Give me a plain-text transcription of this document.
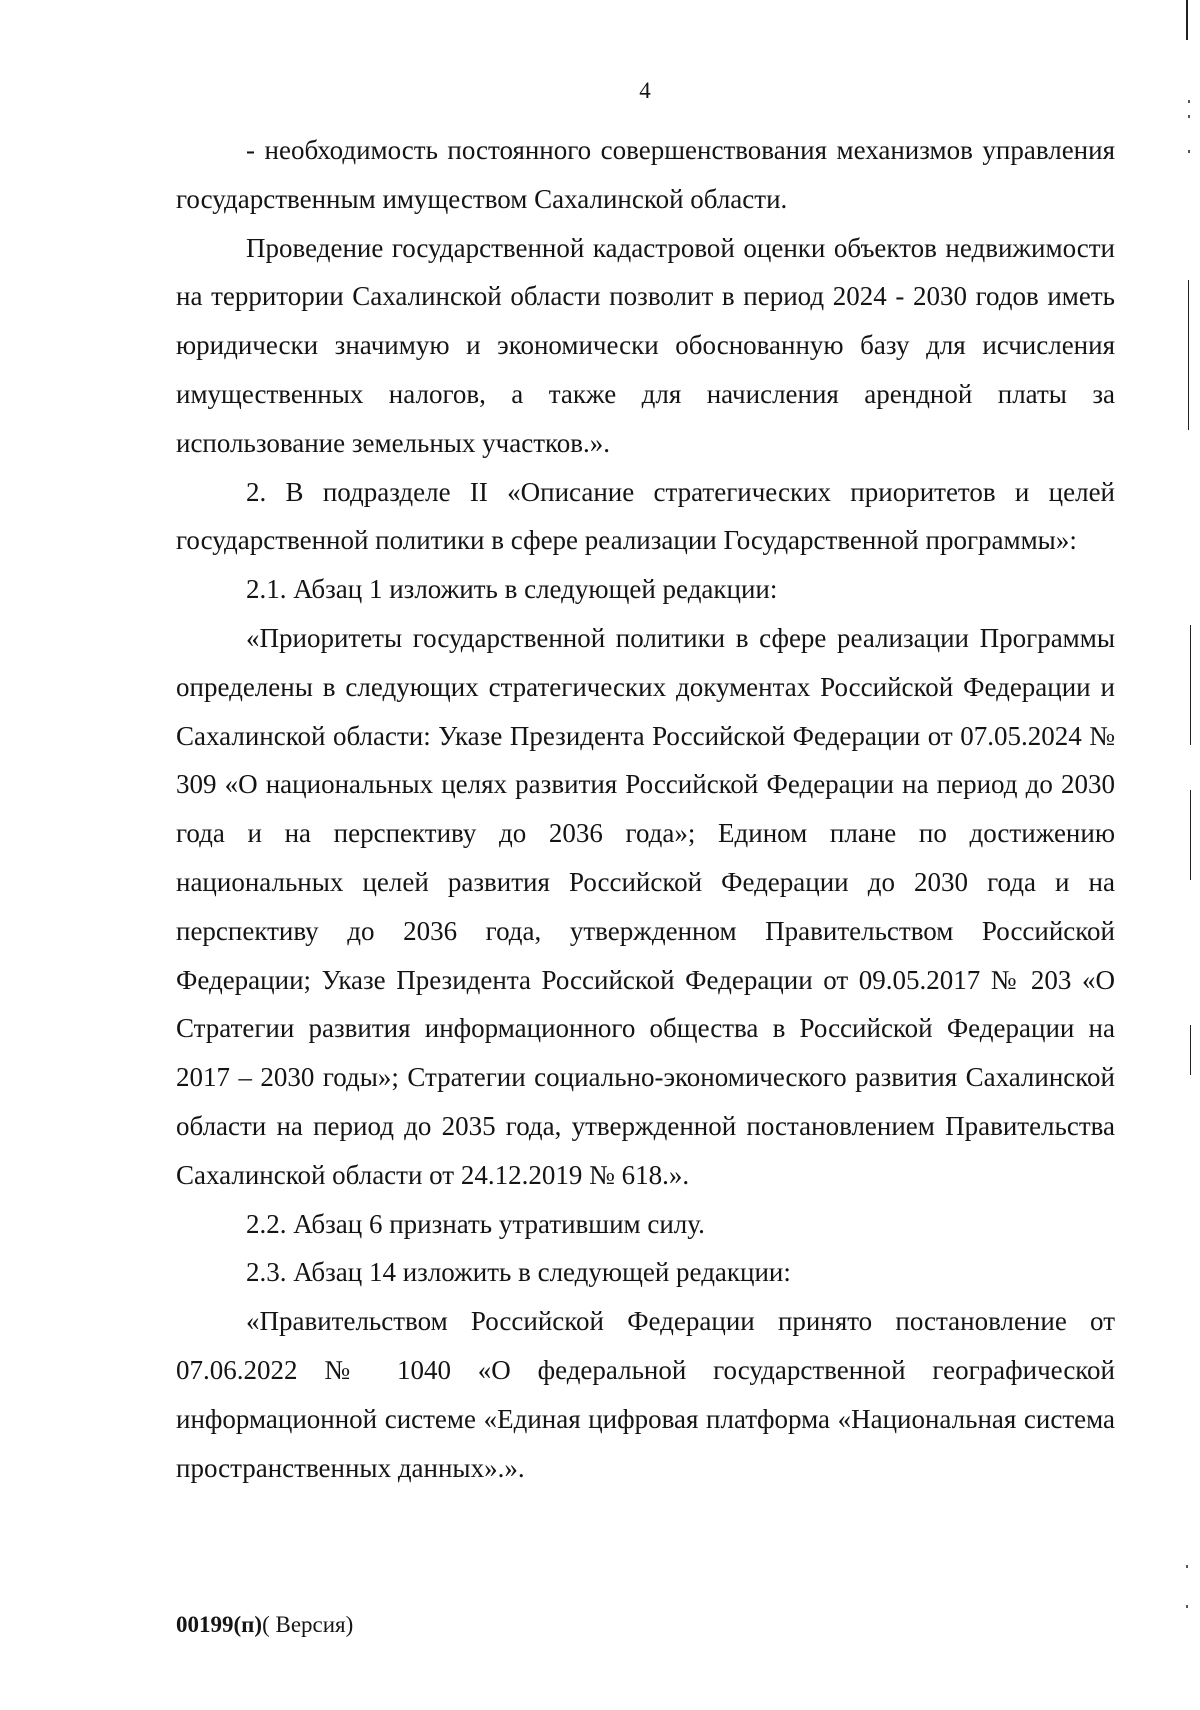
4

- необходимость постоянного совершенствования механизмов управления государственным имуществом Сахалинской области.

Проведение государственной кадастровой оценки объектов недвижимости на территории Сахалинской области позволит в период 2024 - 2030 годов иметь юридически значимую и экономически обоснованную базу для исчисления имущественных налогов, а также для начисления арендной платы за использование земельных участков.».

2. В подразделе II «Описание стратегических приоритетов и целей государственной политики в сфере реализации Государственной программы»:

2.1. Абзац 1 изложить в следующей редакции:

«Приоритеты государственной политики в сфере реализации Программы определены в следующих стратегических документах Российской Федерации и Сахалинской области: Указе Президента Российской Федерации от 07.05.2024 № 309 «О национальных целях развития Российской Федерации на период до 2030 года и на перспективу до 2036 года»; Едином плане по достижению национальных целей развития Российской Федерации до 2030 года и на перспективу до 2036 года, утвержденном Правительством Российской Федерации; Указе Президента Российской Федерации от 09.05.2017 № 203 «О Стратегии развития информационного общества в Российской Федерации на 2017 – 2030 годы»; Стратегии социально-экономического развития Сахалинской области на период до 2035 года, утвержденной постановлением Правительства Сахалинской области от 24.12.2019 № 618.».

2.2. Абзац 6 признать утратившим силу.

2.3. Абзац 14 изложить в следующей редакции:

«Правительством Российской Федерации принято постановление от 07.06.2022 № 1040 «О федеральной государственной географической информационной системе «Единая цифровая платформа «Национальная система пространственных данных».».

00199(п)( Версия)
